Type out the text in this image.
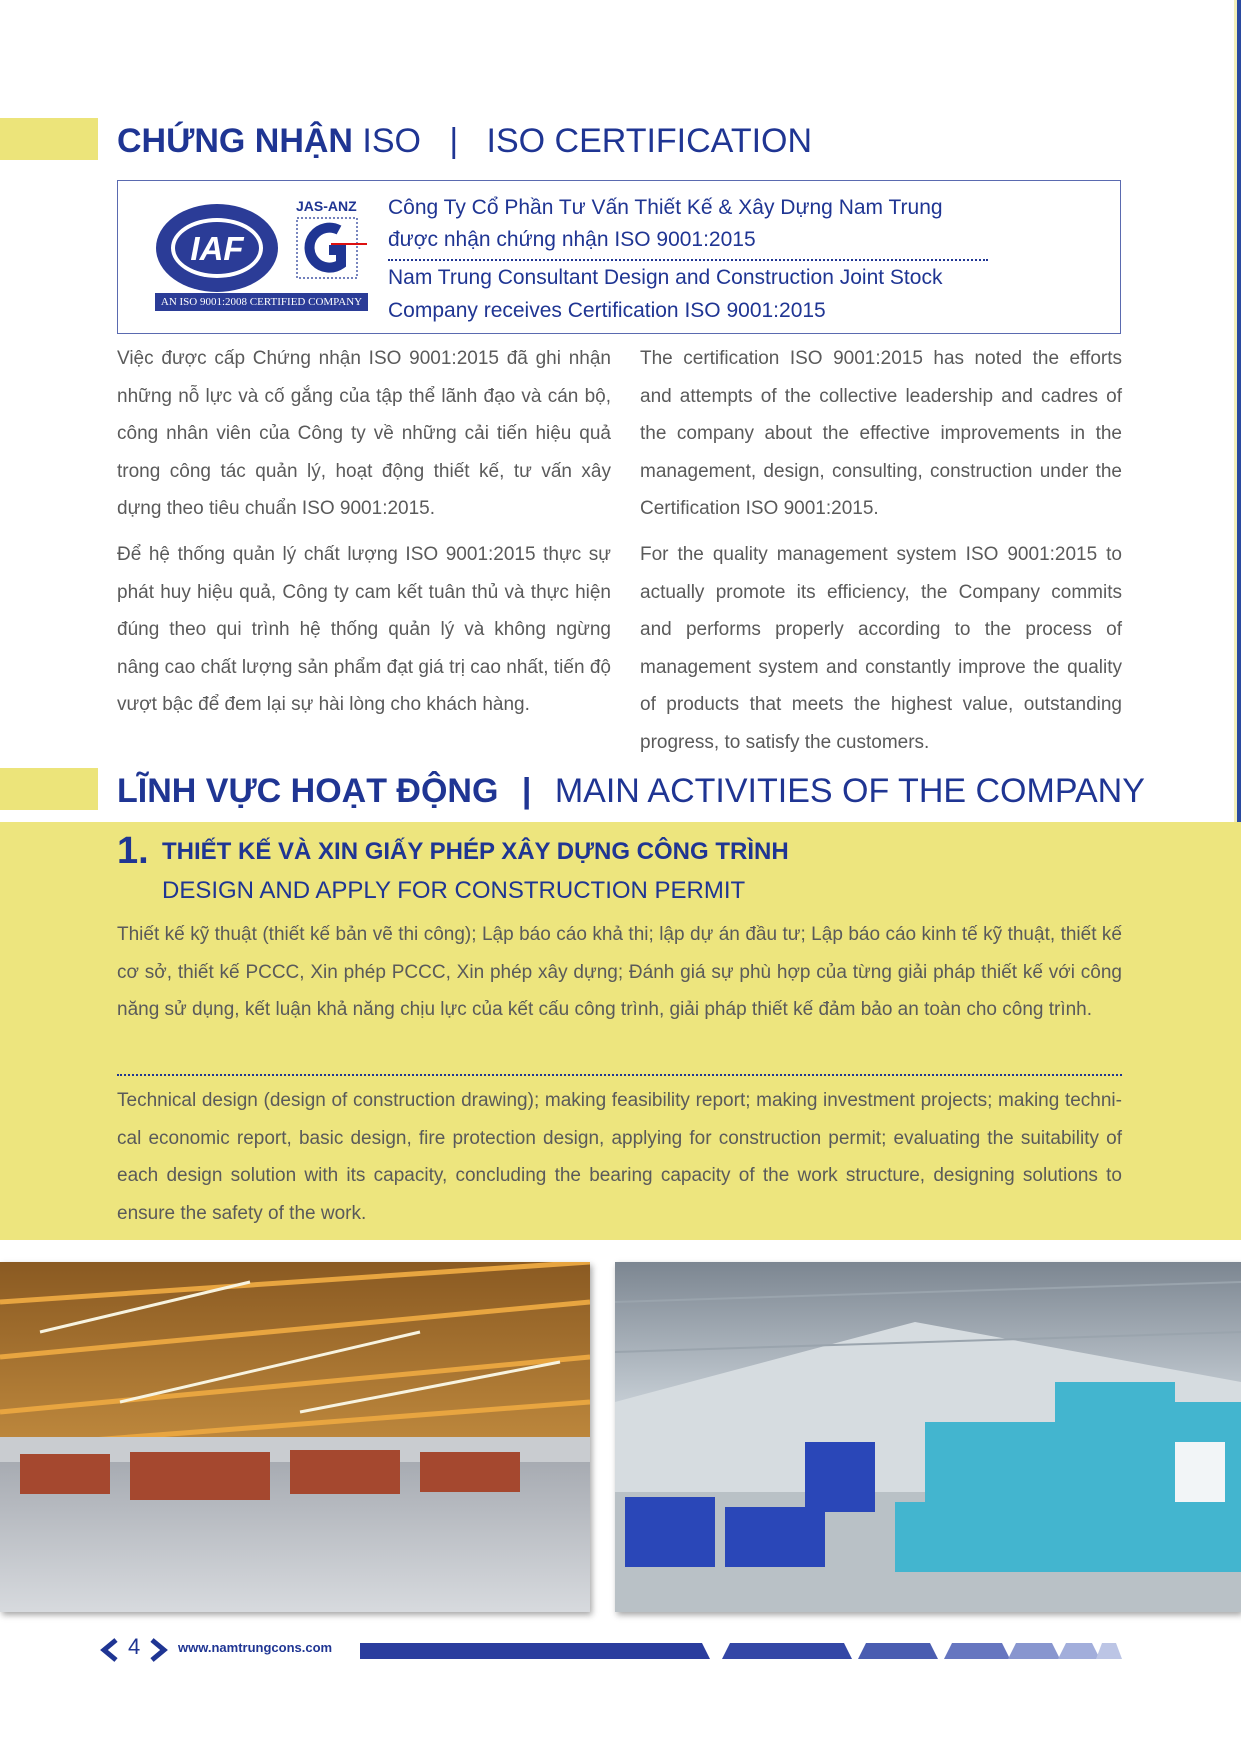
CHỨNG NHẬN ISO   |   ISO CERTIFICATION
IAF
JAS-ANZ
AN ISO 9001:2008 CERTIFIED COMPANY
Công Ty Cổ Phần Tư Vấn Thiết Kế & Xây Dựng Nam Trung
được nhận chứng nhận ISO 9001:2015
Nam Trung Consultant Design and Construction Joint Stock
Company receives Certification ISO 9001:2015
Việc được cấp Chứng nhận ISO 9001:2015 đã ghi nhận những nỗ lực và cố gắng của tập thể lãnh đạo và cán bộ, công nhân viên của Công ty về những cải tiến hiệu quả trong công tác quản lý, hoạt động thiết kế, tư vấn xây dựng theo tiêu chuẩn ISO 9001:2015.
Để hệ thống quản lý chất lượng ISO 9001:2015 thực sự phát huy hiệu quả, Công ty cam kết tuân thủ và thực hiện đúng theo qui trình hệ thống quản lý và không ngừng nâng cao chất lượng sản phẩm đạt giá trị cao nhất, tiến độ vượt bậc để đem lại sự hài lòng cho khách hàng.
The certification ISO 9001:2015 has noted the efforts and attempts of the collective leadership and cadres of the company about the effective improvements in the management, design, consulting, construction under the Certification ISO 9001:2015.
For the quality management system ISO 9001:2015 to actually promote its efficiency, the Company commits and performs properly according to the process of management system and constantly improve the quality of products that meets the highest value, outstanding progress, to satisfy the customers.
LĨNH VỰC HOẠT ĐỘNG | MAIN ACTIVITIES OF THE COMPANY
1. THIẾT KẾ VÀ XIN GIẤY PHÉP XÂY DỰNG CÔNG TRÌNH
DESIGN AND APPLY FOR CONSTRUCTION PERMIT
Thiết kế kỹ thuật (thiết kế bản vẽ thi công); Lập báo cáo khả thi; lập dự án đầu tư; Lập báo cáo kinh tế kỹ thuật, thiết kế cơ sở, thiết kế PCCC, Xin phép PCCC, Xin phép xây dựng; Đánh giá sự phù hợp của từng giải pháp thiết kế với công năng sử dụng, kết luận khả năng chịu lực của kết cấu công trình, giải pháp thiết kế đảm bảo an toàn cho công trình.
Technical design (design of construction drawing); making feasibility report; making investment projects; making techni-cal economic report, basic design, fire protection design, applying for construction permit; evaluating the suitability of each design solution with its capacity, concluding the bearing capacity of the work structure, designing solutions to ensure the safety of the work.
4	www.namtrungcons.com
